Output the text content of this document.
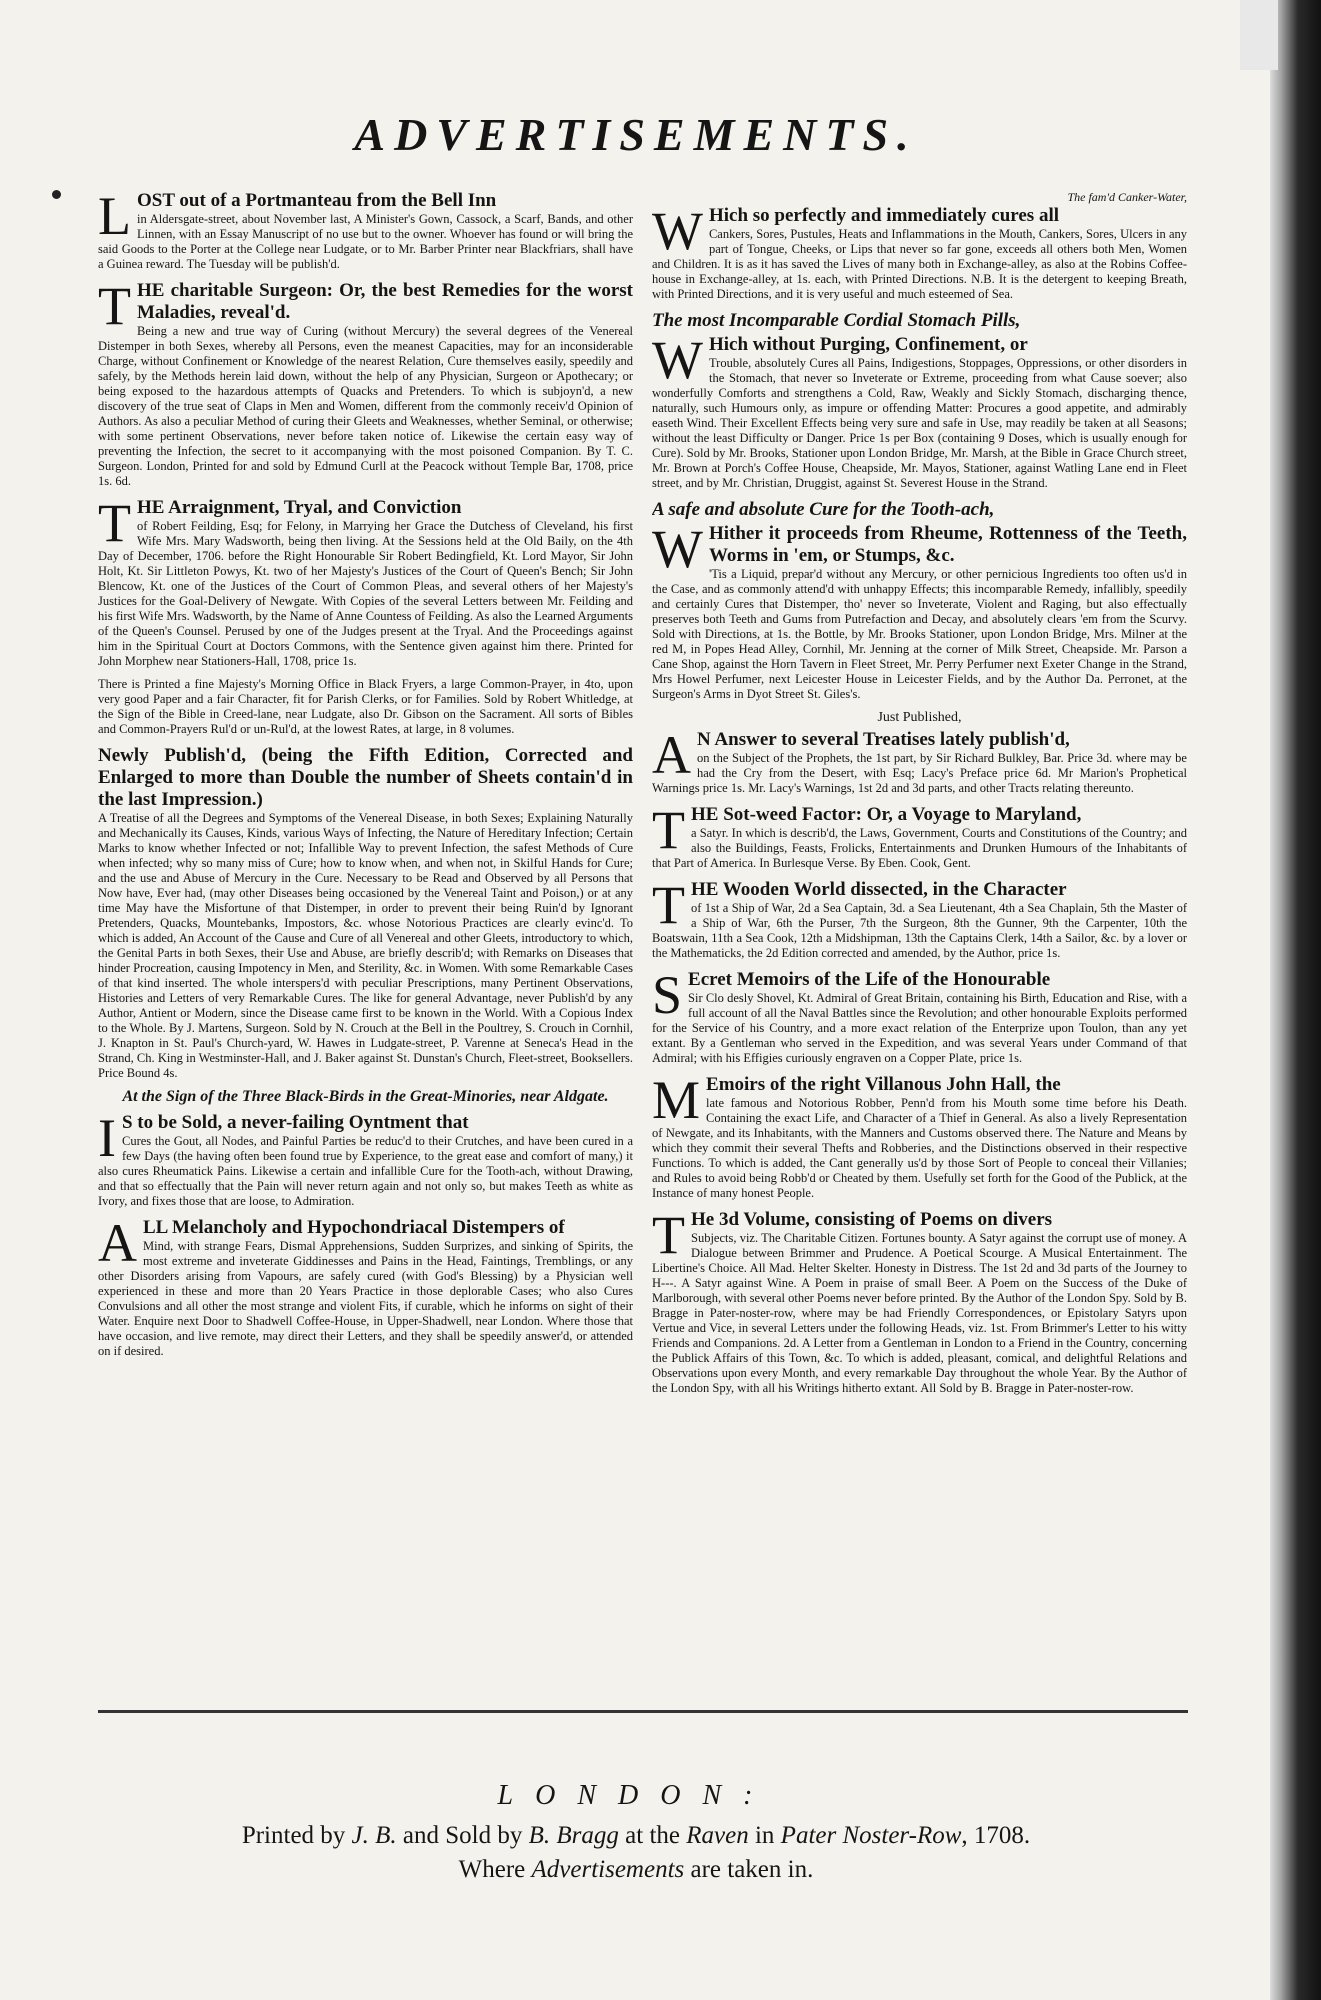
ADVERTISEMENTS.
LOST out of a Portmanteau from the Bell Inn
in Aldersgate-street, about November last, A Minister's Gown, Cassock, a Scarf, Bands, and other Linnen, with an Essay Manuscript of no use but to the owner. Whoever has found or will bring the said Goods to the Porter at the College near Ludgate, or to Mr. Barber Printer near Blackfriars, shall have a Guinea reward. The Tuesday will be publish'd.
THE charitable Surgeon: Or, the best Remedies for the worst Maladies, reveal'd.
Being a new and true way of Curing (without Mercury) the several degrees of the Venereal Distemper in both Sexes, whereby all Persons, even the meanest Capacities, may for an inconsiderable Charge, without Confinement or Knowledge of the nearest Relation, Cure themselves easily, speedily and safely, by the Methods herein laid down, without the help of any Physician, Surgeon or Apothecary; or being exposed to the hazardous attempts of Quacks and Pretenders. To which is subjoyn'd, a new discovery of the true seat of Claps in Men and Women, different from the commonly receiv'd Opinion of Authors. As also a peculiar Method of curing their Gleets and Weaknesses, whether Seminal, or otherwise; with some pertinent Observations, never before taken notice of. Likewise the certain easy way of preventing the Infection, the secret to it accompanying with the most poisoned Companion. By T. C. Surgeon. London, Printed for and sold by Edmund Curll at the Peacock without Temple Bar, 1708, price 1s. 6d.
THE Arraignment, Tryal, and Conviction
of Robert Feilding, Esq; for Felony, in Marrying her Grace the Dutchess of Cleveland, his first Wife Mrs. Mary Wadsworth, being then living. At the Sessions held at the Old Baily, on the 4th Day of December, 1706. before the Right Honourable Sir Robert Bedingfield, Kt. Lord Mayor, Sir John Holt, Kt. Sir Littleton Powys, Kt. two of her Majesty's Justices of the Court of Queen's Bench; Sir John Blencow, Kt. one of the Justices of the Court of Common Pleas, and several others of her Majesty's Justices for the Goal-Delivery of Newgate. With Copies of the several Letters between Mr. Feilding and his first Wife Mrs. Wadsworth, by the Name of Anne Countess of Feilding. As also the Learned Arguments of the Queen's Counsel. Perused by one of the Judges present at the Tryal. And the Proceedings against him in the Spiritual Court at Doctors Commons, with the Sentence given against him there. Printed for John Morphew near Stationers-Hall, 1708, price 1s.
There is Printed a fine Majesty's Morning Office in Black Fryers, a large Common-Prayer, in 4to, upon very good Paper and a fair Character, fit for Parish Clerks, or for Families. Sold by Robert Whitledge, at the Sign of the Bible in Creed-lane, near Ludgate, also Dr. Gibson on the Sacrament. All sorts of Bibles and Common-Prayers Rul'd or un-Rul'd, at the lowest Rates, at large, in 8 volumes.
Newly Publish'd, (being the Fifth Edition, Corrected and Enlarged to more than Double the number of Sheets contain'd in the last Impression.)
A Treatise of all the Degrees and Symptoms of the Venereal Disease, in both Sexes; Explaining Naturally and Mechanically its Causes, Kinds, various Ways of Infecting, the Nature of Hereditary Infection; Certain Marks to know whether Infected or not; Infallible Way to prevent Infection, the safest Methods of Cure when infected; why so many miss of Cure; how to know when, and when not, in Skilful Hands for Cure; and the use and Abuse of Mercury in the Cure. Necessary to be Read and Observed by all Persons that Now have, Ever had, (may other Diseases being occasioned by the Venereal Taint and Poison,) or at any time May have the Misfortune of that Distemper, in order to prevent their being Ruin'd by Ignorant Pretenders, Quacks, Mountebanks, Impostors, &c. whose Notorious Practices are clearly evinc'd. To which is added, An Account of the Cause and Cure of all Venereal and other Gleets, introductory to which, the Genital Parts in both Sexes, their Use and Abuse, are briefly describ'd; with Remarks on Diseases that hinder Procreation, causing Impotency in Men, and Sterility, &c. in Women. With some Remarkable Cases of that kind inserted. The whole interspers'd with peculiar Prescriptions, many Pertinent Observations, Histories and Letters of very Remarkable Cures. The like for general Advantage, never Publish'd by any Author, Antient or Modern, since the Disease came first to be known in the World. With a Copious Index to the Whole. By J. Martens, Surgeon. Sold by N. Crouch at the Bell in the Poultrey, S. Crouch in Cornhil, J. Knapton in St. Paul's Church-yard, W. Hawes in Ludgate-street, P. Varenne at Seneca's Head in the Strand, Ch. King in Westminster-Hall, and J. Baker against St. Dunstan's Church, Fleet-street, Booksellers. Price Bound 4s.
At the Sign of the Three Black-Birds in the Great-Minories, near Aldgate.
I S to be Sold, a never-failing Oyntment that
Cures the Gout, all Nodes, and Painful Parties be reduc'd to their Crutches, and have been cured in a few Days (the having often been found true by Experience, to the great ease and comfort of many,) it also cures Rheumatick Pains. Likewise a certain and infallible Cure for the Tooth-ach, without Drawing, and that so effectually that the Pain will never return again and not only so, but makes Teeth as white as Ivory, and fixes those that are loose, to Admiration.
ALL Melancholy and Hypochondriacal Distempers of
Mind, with strange Fears, Dismal Apprehensions, Sudden Surprizes, and sinking of Spirits, the most extreme and inveterate Giddinesses and Pains in the Head, Faintings, Tremblings, or any other Disorders arising from Vapours, are safely cured (with God's Blessing) by a Physician well experienced in these and more than 20 Years Practice in those deplorable Cases; who also Cures Convulsions and all other the most strange and violent Fits, if curable, which he informs on sight of their Water. Enquire next Door to Shadwell Coffee-House, in Upper-Shadwell, near London. Where those that have occasion, and live remote, may direct their Letters, and they shall be speedily answer'd, or attended on if desired.
The fam'd Canker-Water,
W Hich so perfectly and immediately cures all
Cankers, Sores, Pustules, Heats and Inflammations in the Mouth, Cankers, Sores, Ulcers in any part of Tongue, Cheeks, or Lips that never so far gone, exceeds all others both Men, Women and Children. It is as it has saved the Lives of many both in Exchange-alley, as also at the Robins Coffee-house in Exchange-alley, at 1s. each, with Printed Directions. N.B. It is the detergent to keeping Breath, with Printed Directions, and it is very useful and much esteemed of Sea.
The most Incomparable Cordial Stomach Pills,
W Hich without Purging, Confinement, or
Trouble, absolutely Cures all Pains, Indigestions, Stoppages, Oppressions, or other disorders in the Stomach, that never so Inveterate or Extreme, proceeding from what Cause soever; also wonderfully Comforts and strengthens a Cold, Raw, Weakly and Sickly Stomach, discharging thence, naturally, such Humours only, as impure or offending Matter: Procures a good appetite, and admirably easeth Wind. Their Excellent Effects being very sure and safe in Use, may readily be taken at all Seasons; without the least Difficulty or Danger. Price 1s per Box (containing 9 Doses, which is usually enough for Cure). Sold by Mr. Brooks, Stationer upon London Bridge, Mr. Marsh, at the Bible in Grace Church street, Mr. Brown at Porch's Coffee House, Cheapside, Mr. Mayos, Stationer, against Watling Lane end in Fleet street, and by Mr. Christian, Druggist, against St. Severest House in the Strand.
A safe and absolute Cure for the Tooth-ach,
W Hither it proceeds from Rheume, Rottenness of the Teeth, Worms in 'em, or Stumps, &c.
'Tis a Liquid, prepar'd without any Mercury, or other pernicious Ingredients too often us'd in the Case, and as commonly attend'd with unhappy Effects; this incomparable Remedy, infallibly, speedily and certainly Cures that Distemper, tho' never so Inveterate, Violent and Raging, but also effectually preserves both Teeth and Gums from Putrefaction and Decay, and absolutely clears 'em from the Scurvy. Sold with Directions, at 1s. the Bottle, by Mr. Brooks Stationer, upon London Bridge, Mrs. Milner at the red M, in Popes Head Alley, Cornhil, Mr. Jenning at the corner of Milk Street, Cheapside. Mr. Parson a Cane Shop, against the Horn Tavern in Fleet Street, Mr. Perry Perfumer next Exeter Change in the Strand, Mrs Howel Perfumer, next Leicester House in Leicester Fields, and by the Author Da. Perronet, at the Surgeon's Arms in Dyot Street St. Giles's.
Just Published,
A N Answer to several Treatises lately publish'd,
on the Subject of the Prophets, the 1st part, by Sir Richard Bulkley, Bar. Price 3d. where may be had the Cry from the Desert, with Esq; Lacy's Preface price 6d. Mr Marion's Prophetical Warnings price 1s. Mr. Lacy's Warnings, 1st 2d and 3d parts, and other Tracts relating thereunto.
THE Sot-weed Factor: Or, a Voyage to Maryland,
a Satyr. In which is describ'd, the Laws, Government, Courts and Constitutions of the Country; and also the Buildings, Feasts, Frolicks, Entertainments and Drunken Humours of the Inhabitants of that Part of America. In Burlesque Verse. By Eben. Cook, Gent.
THE Wooden World dissected, in the Character
of 1st a Ship of War, 2d a Sea Captain, 3d. a Sea Lieutenant, 4th a Sea Chaplain, 5th the Master of a Ship of War, 6th the Purser, 7th the Surgeon, 8th the Gunner, 9th the Carpenter, 10th the Boatswain, 11th a Sea Cook, 12th a Midshipman, 13th the Captains Clerk, 14th a Sailor, &c. by a lover or the Mathematicks, the 2d Edition corrected and amended, by the Author, price 1s.
S Ecret Memoirs of the Life of the Honourable
Sir Clo desly Shovel, Kt. Admiral of Great Britain, containing his Birth, Education and Rise, with a full account of all the Naval Battles since the Revolution; and other honourable Exploits performed for the Service of his Country, and a more exact relation of the Enterprize upon Toulon, than any yet extant. By a Gentleman who served in the Expedition, and was several Years under Command of that Admiral; with his Effigies curiously engraven on a Copper Plate, price 1s.
M Emoirs of the right Villanous John Hall, the
late famous and Notorious Robber, Penn'd from his Mouth some time before his Death. Containing the exact Life, and Character of a Thief in General. As also a lively Representation of Newgate, and its Inhabitants, with the Manners and Customs observed there. The Nature and Means by which they commit their several Thefts and Robberies, and the Distinctions observed in their respective Functions. To which is added, the Cant generally us'd by those Sort of People to conceal their Villanies; and Rules to avoid being Robb'd or Cheated by them. Usefully set forth for the Good of the Publick, at the Instance of many honest People.
T He 3d Volume, consisting of Poems on divers
Subjects, viz. The Charitable Citizen. Fortunes bounty. A Satyr against the corrupt use of money. A Dialogue between Brimmer and Prudence. A Poetical Scourge. A Musical Entertainment. The Libertine's Choice. All Mad. Helter Skelter. Honesty in Distress. The 1st 2d and 3d parts of the Journey to H---. A Satyr against Wine. A Poem in praise of small Beer. A Poem on the Success of the Duke of Marlborough, with several other Poems never before printed. By the Author of the London Spy. Sold by B. Bragge in Pater-noster-row, where may be had Friendly Correspondences, or Epistolary Satyrs upon Vertue and Vice, in several Letters under the following Heads, viz. 1st. From Brimmer's Letter to his witty Friends and Companions. 2d. A Letter from a Gentleman in London to a Friend in the Country, concerning the Publick Affairs of this Town, &c. To which is added, pleasant, comical, and delightful Relations and Observations upon every Month, and every remarkable Day throughout the whole Year. By the Author of the London Spy, with all his Writings hitherto extant. All Sold by B. Bragge in Pater-noster-row.
LONDON:
Printed by J. B. and Sold by B. Bragg at the Raven in Pater Noster-Row, 1708.
Where Advertisements are taken in.
